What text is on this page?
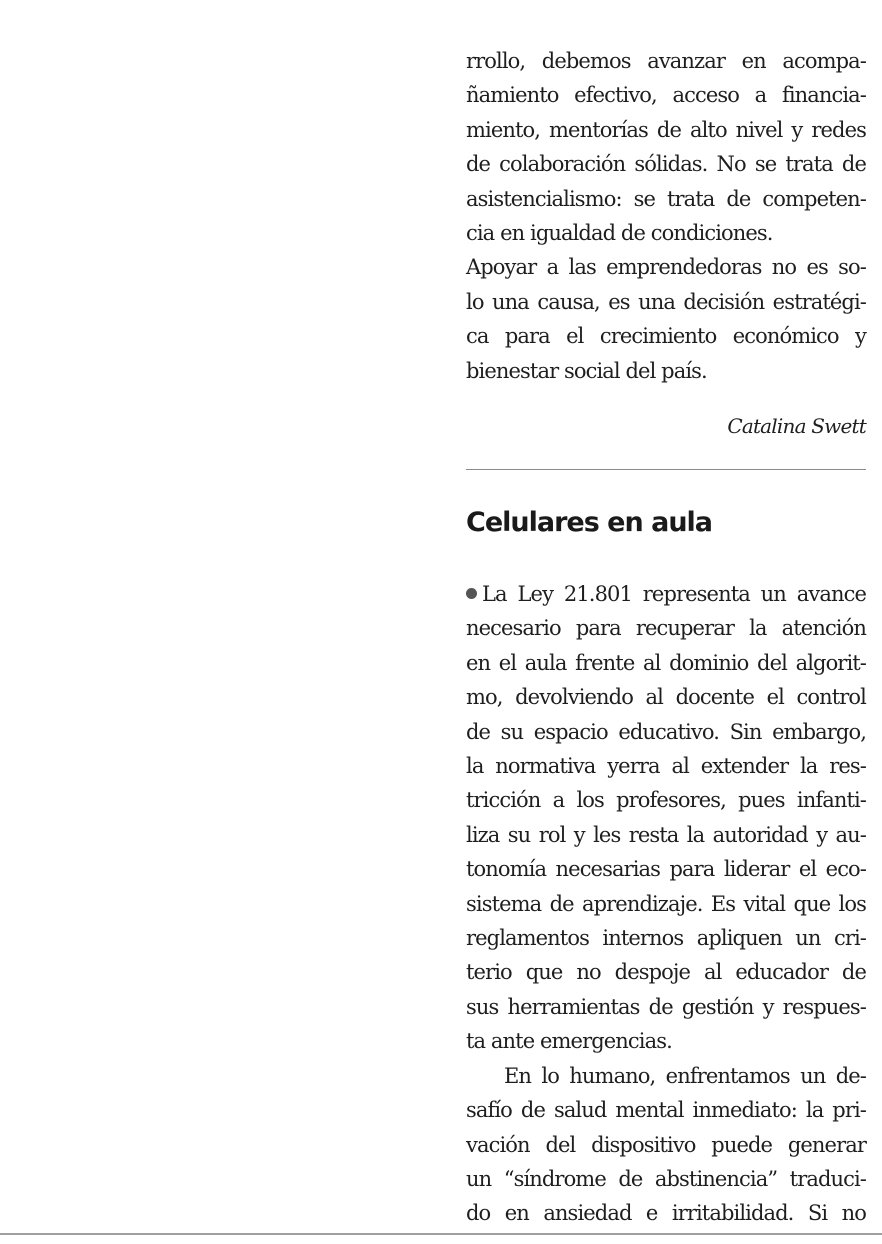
rrollo, debemos avanzar en acompa-
ñamiento efectivo, acceso a financia-
miento, mentorías de alto nivel y redes
de colaboración sólidas. No se trata de
asistencialismo: se trata de competen-
cia en igualdad de condiciones.
Apoyar a las emprendedoras no es so-
lo una causa, es una decisión estratégi-
ca para el crecimiento económico y
bienestar social del país.
Catalina Swett
Celulares en aula
La Ley 21.801 representa un avance
necesario para recuperar la atención
en el aula frente al dominio del algorit-
mo, devolviendo al docente el control
de su espacio educativo. Sin embargo,
la normativa yerra al extender la res-
tricción a los profesores, pues infanti-
liza su rol y les resta la autoridad y au-
tonomía necesarias para liderar el eco-
sistema de aprendizaje. Es vital que los
reglamentos internos apliquen un cri-
terio que no despoje al educador de
sus herramientas de gestión y respues-
ta ante emergencias.
En lo humano, enfrentamos un de-
safío de salud mental inmediato: la pri-
vación del dispositivo puede generar
un “síndrome de abstinencia” traduci-
do en ansiedad e irritabilidad. Si no
